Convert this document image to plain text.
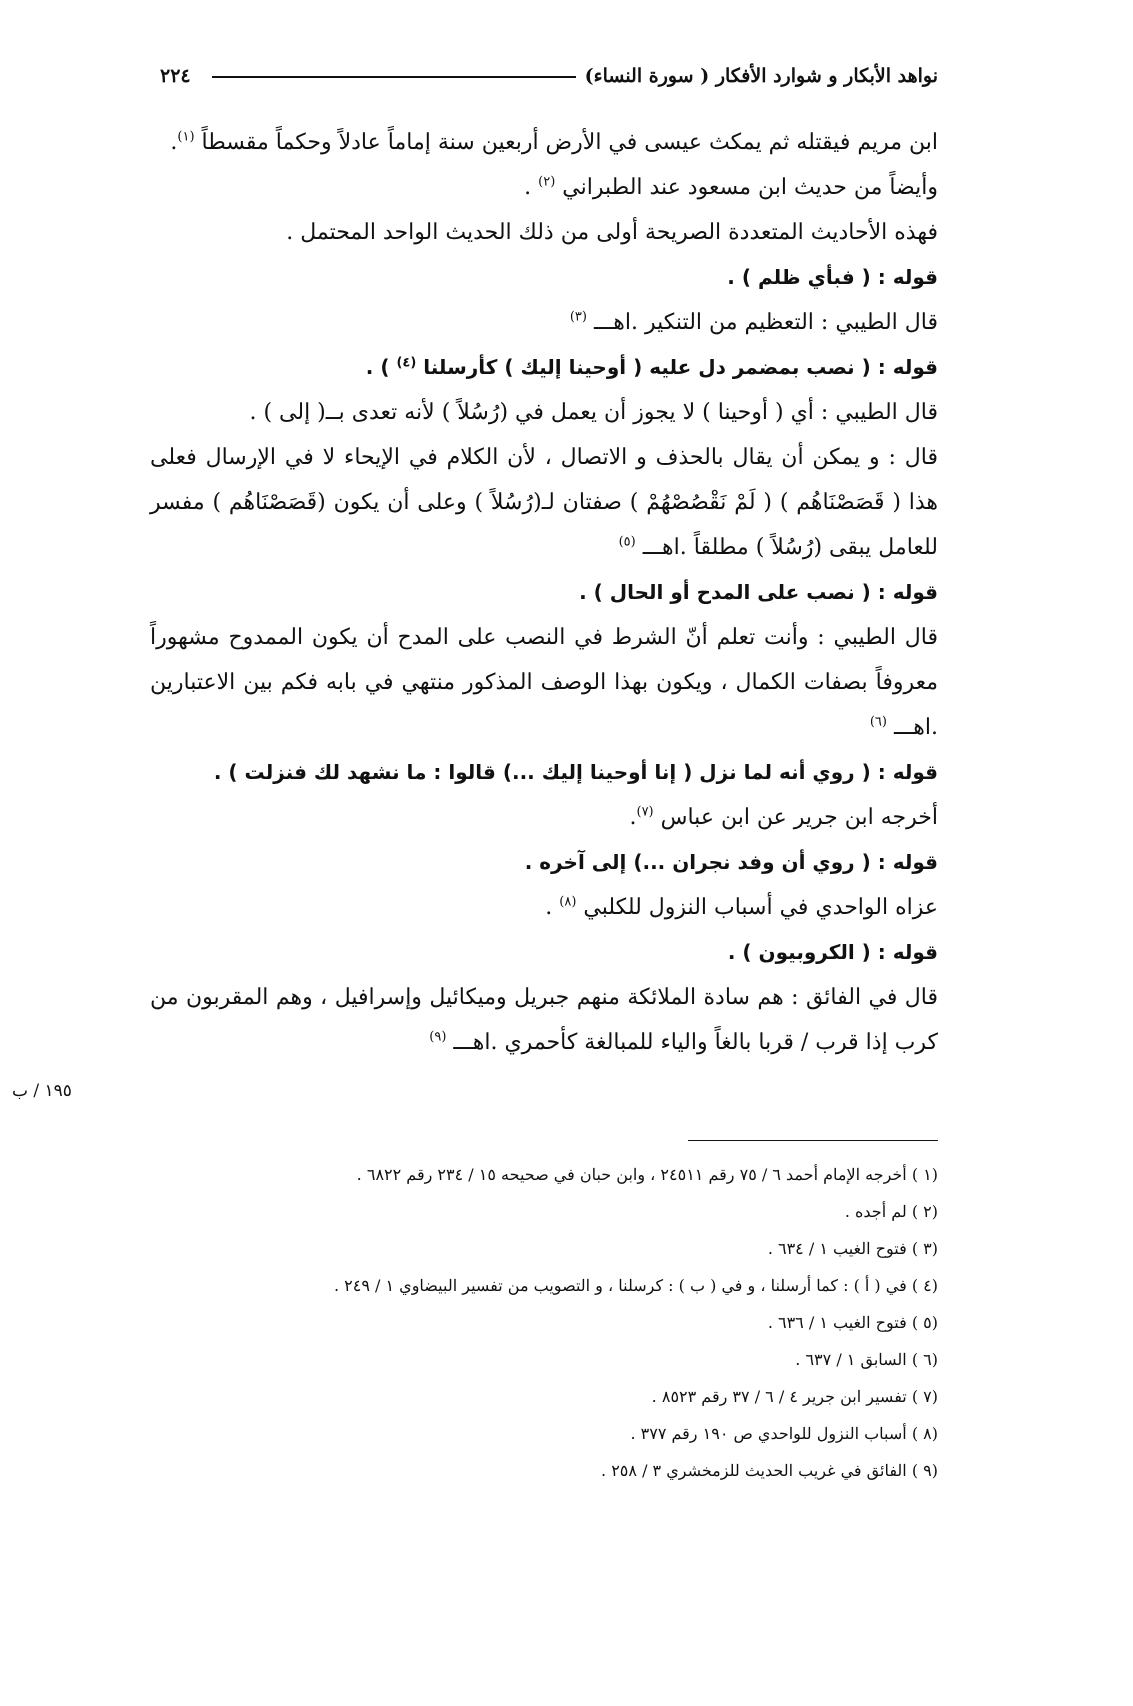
نواهد الأبكار و شوارد الأفكار ( سورة النساء)
٢٢٤

ابن مريم فيقتله ثم يمكث عيسى في الأرض أربعين سنة إماماً عادلاً وحكماً مقسطاً $^{(١)}$.

وأيضاً من حديث ابن مسعود عند الطبراني $^{(٢)}$ .

فهذه الأحاديث المتعددة الصريحة أولى من ذلك الحديث الواحد المحتمل .

قوله : ( فبأي ظلم ) .

قال الطيبي : التعظيم من التنكير .اهـــ $^{(٣)}$

قوله : ( نصب بمضمر دل عليه ( أوحينا إليك ) كأرسلنا $^{(٤)}$ ) .

قال الطيبي : أي ( أوحينا ) لا يجوز أن يعمل في (رُسُلاً ) لأنه تعدى بــ( إلى ) .

قال : و يمكن أن يقال بالحذف و الاتصال ، لأن الكلام في الإيحاء لا في الإرسال فعلى هذا ( قَصَصْنَاهُم ) ( لَمْ نَقْصُصْهُمْ ) صفتان لـ(رُسُلاً ) وعلى أن يكون (قَصَصْنَاهُم ) مفسر للعامل يبقى (رُسُلاً ) مطلقاً .اهـــ $^{(٥)}$

قوله : ( نصب على المدح أو الحال ) .

قال الطيبي : وأنت تعلم أنّ الشرط في النصب على المدح أن يكون الممدوح مشهوراً معروفاً بصفات الكمال ، ويكون بهذا الوصف المذكور منتهي في بابه فكم بين الاعتبارين .اهـــ $^{(٦)}$

قوله : ( روي أنه لما نزل ( إنا أوحينا إليك ...) قالوا : ما نشهد لك فنزلت ) .

أخرجه ابن جرير عن ابن عباس $^{(٧)}$.

قوله : ( روي أن وفد نجران ...) إلى آخره .

عزاه الواحدي في أسباب النزول للكلبي $^{(٨)}$ .

قوله : ( الكروبيون ) .

قال في الفائق : هم سادة الملائكة منهم جبريل وميكائيل وإسرافيل ، وهم المقربون من كرب إذا قرب / قربا بالغاً والياء للمبالغة كأحمري .اهـــ $^{(٩)}$

١٩٥ / ب

(١ ) أخرجه الإمام أحمد ٦ / ٧٥ رقم ٢٤٥١١ ، وابن حبان في صحيحه ١٥ / ٢٣٤ رقم ٦٨٢٢ .

(٢ ) لم أجده .

(٣ ) فتوح الغيب ١ / ٦٣٤ .

(٤ ) في ( أ ) : كما أرسلنا ، و في ( ب ) : كرسلنا ، و التصويب من تفسير البيضاوي ١ / ٢٤٩ .

(٥ ) فتوح الغيب ١ / ٦٣٦ .

(٦ ) السابق ١ / ٦٣٧ .

(٧ ) تفسير ابن جرير ٤ / ٦ / ٣٧ رقم ٨٥٢٣ .

(٨ ) أسباب النزول للواحدي ص ١٩٠ رقم ٣٧٧ .

(٩ ) الفائق في غريب الحديث للزمخشري ٣ / ٢٥٨ .
